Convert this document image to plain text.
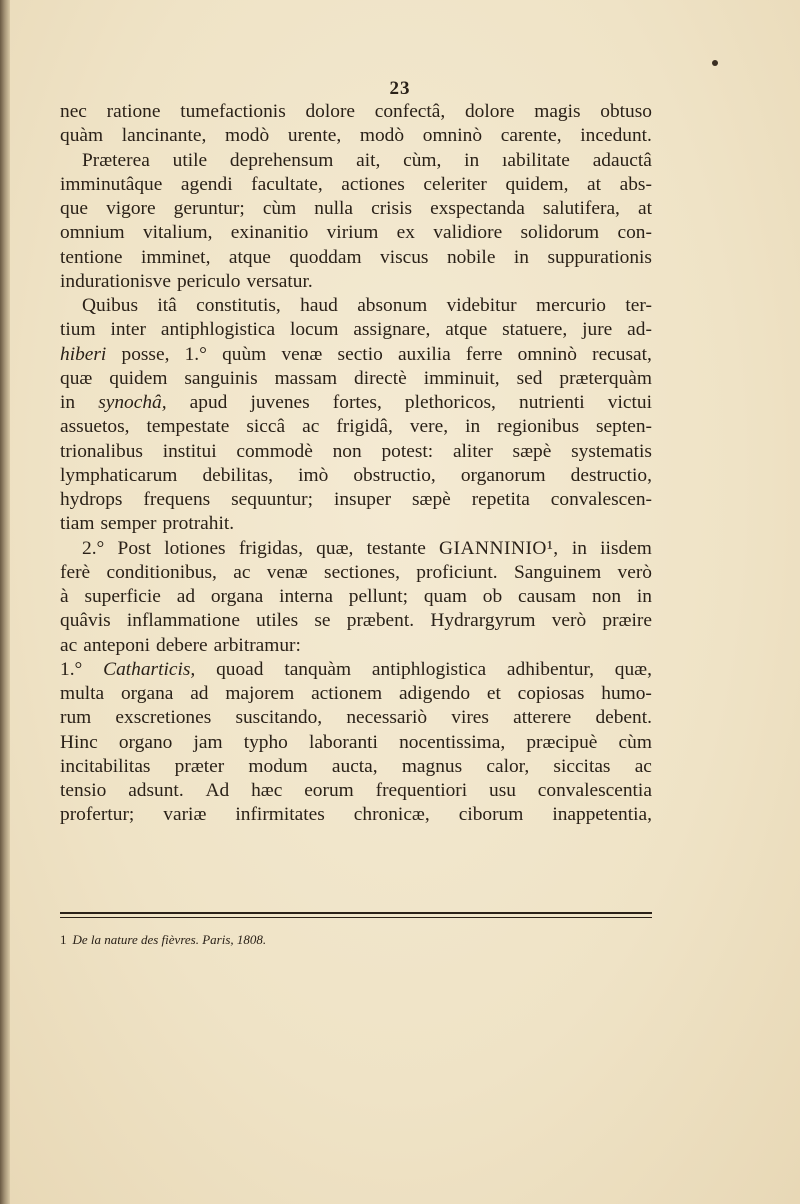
23
nec ratione tumefactionis dolore confectâ, dolore magis obtuso
quàm lancinante, modò urente, modò omninò carente, incedunt.
Præterea utile deprehensum ait, cùm, in ıabilitate adauctâ
imminutâque agendi facultate, actiones celeriter quidem, at abs-
que vigore geruntur; cùm nulla crisis exspectanda salutifera, at
omnium vitalium, exinanitio virium ex validiore solidorum con-
tentione imminet, atque quoddam viscus nobile in suppurationis
indurationisve periculo versatur.
Quibus itâ constitutis, haud absonum videbitur mercurio ter-
tium inter antiphlogistica locum assignare, atque statuere, jure ad-
hiberi posse, 1.° quùm venæ sectio auxilia ferre omninò recusat,
quæ quidem sanguinis massam directè imminuit, sed præterquàm
in synochâ, apud juvenes fortes, plethoricos, nutrienti victui
assuetos, tempestate siccâ ac frigidâ, vere, in regionibus septen-
trionalibus institui commodè non potest: aliter sæpè systematis
lymphaticarum debilitas, imò obstructio, organorum destructio,
hydrops frequens sequuntur; insuper sæpè repetita convalescen-
tiam semper protrahit.
2.° Post lotiones frigidas, quæ, testante GIANNINIO¹, in iisdem
ferè conditionibus, ac venæ sectiones, proficiunt. Sanguinem verò
à superficie ad organa interna pellunt; quam ob causam non in
quâvis inflammatione utiles se præbent. Hydrargyrum verò præire
ac anteponi debere arbitramur:
1.° Catharticis, quoad tanquàm antiphlogistica adhibentur, quæ,
multa organa ad majorem actionem adigendo et copiosas humo-
rum exscretiones suscitando, necessariò vires atterere debent.
Hinc organo jam typho laboranti nocentissima, præcipuè cùm
incitabilitas præter modum aucta, magnus calor, siccitas ac
tensio adsunt. Ad hæc eorum frequentiori usu convalescentia
profertur; variæ infirmitates chronicæ, ciborum inappetentia,
1 De la nature des fièvres. Paris, 1808.
